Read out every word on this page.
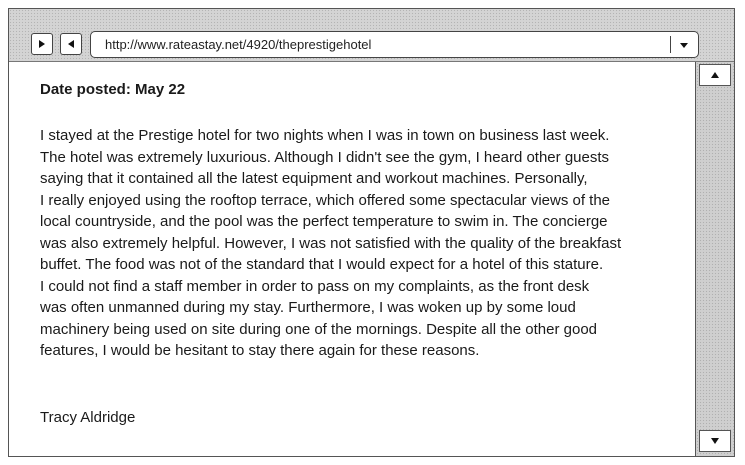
http://www.rateastay.net/4920/theprestigehotel

Date posted: May 22

I stayed at the Prestige hotel for two nights when I was in town on business last week.
The hotel was extremely luxurious. Although I didn't see the gym, I heard other guests
saying that it contained all the latest equipment and workout machines. Personally,
I really enjoyed using the rooftop terrace, which offered some spectacular views of the
local countryside, and the pool was the perfect temperature to swim in. The concierge
was also extremely helpful. However, I was not satisfied with the quality of the breakfast
buffet. The food was not of the standard that I would expect for a hotel of this stature.
I could not find a staff member in order to pass on my complaints, as the front desk
was often unmanned during my stay. Furthermore, I was woken up by some loud
machinery being used on site during one of the mornings. Despite all the other good
features, I would be hesitant to stay there again for these reasons.

Tracy Aldridge
